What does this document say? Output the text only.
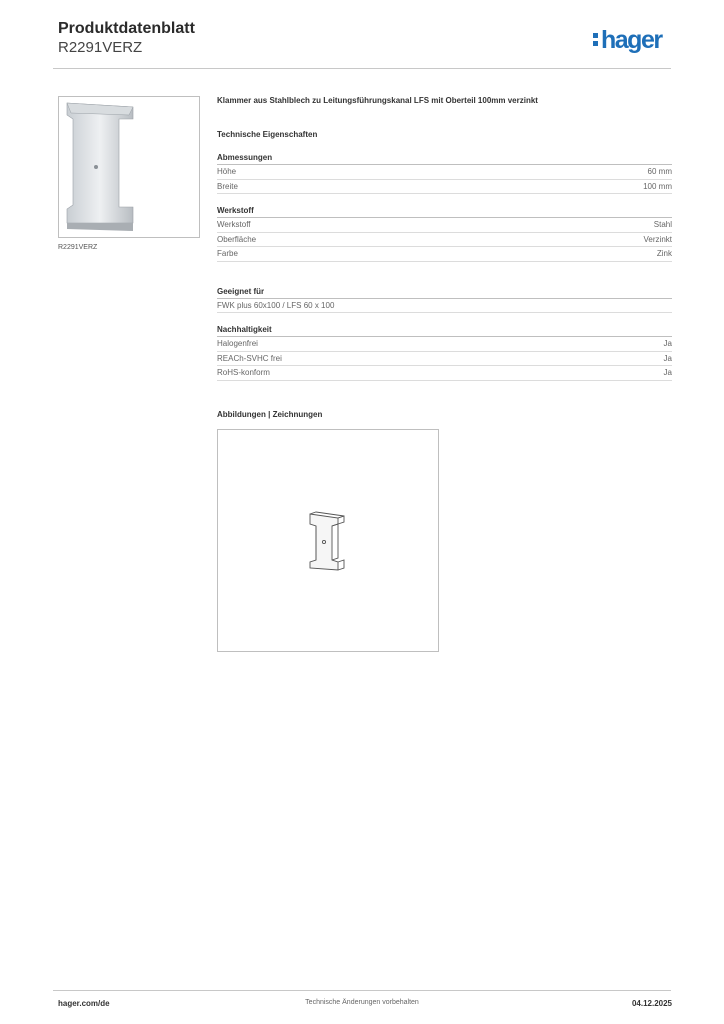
Produktdatenblatt
R2291VERZ	hager
R2291VERZ
Klammer aus Stahlblech zu Leitungsführungskanal LFS mit Oberteil 100mm verzinkt
Technische Eigenschaften
Abmessungen
Höhe	60 mm
Breite	100 mm
Werkstoff
Werkstoff	Stahl
Oberfläche	Verzinkt
Farbe	Zink
Geeignet für
FWK plus 60x100 / LFS 60 x 100
Nachhaltigkeit
Halogenfrei	Ja
REACh-SVHC frei	Ja
RoHS-konform	Ja
Abbildungen | Zeichnungen
hager.com/de	Technische Änderungen vorbehalten	04.12.2025
